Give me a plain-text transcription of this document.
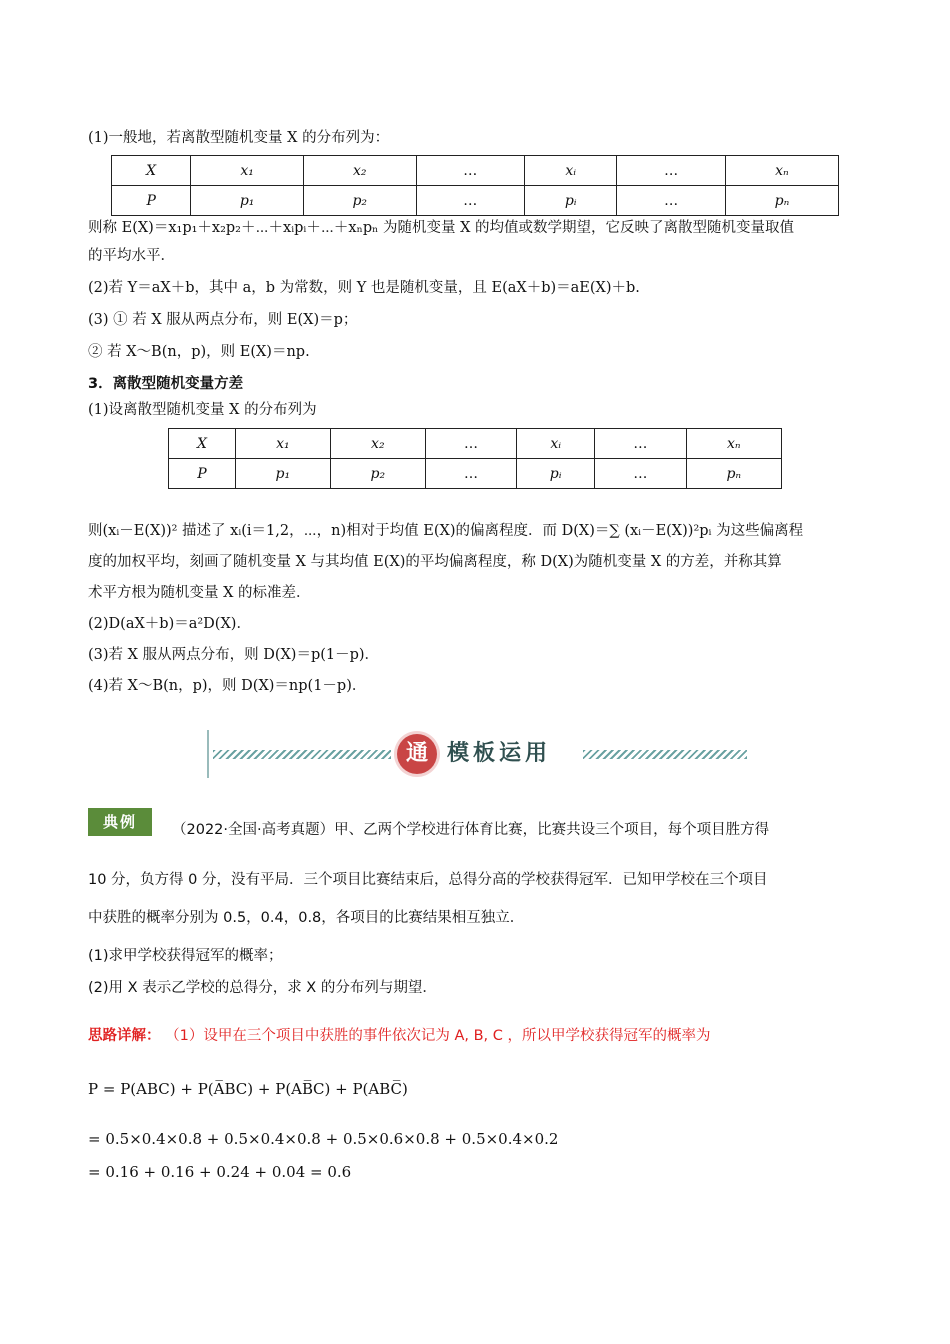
(1)一般地，若离散型随机变量 X 的分布列为：
X	x₁	x₂	…	xᵢ	…	xₙ
P	p₁	p₂	…	pᵢ	…	pₙ
则称 E(X)＝x₁p₁＋x₂p₂＋⋯＋xᵢpᵢ＋⋯＋xₙpₙ 为随机变量 X 的均值或数学期望，它反映了离散型随机变量取值
的平均水平．
(2)若 Y＝aX＋b，其中 a，b 为常数，则 Y 也是随机变量，且 E(aX＋b)＝aE(X)＋b.
(3) ① 若 X 服从两点分布，则 E(X)＝p；
② 若 X～B(n，p)，则 E(X)＝np.
3．离散型随机变量方差
(1)设离散型随机变量 X 的分布列为
X	x₁	x₂	…	xᵢ	…	xₙ
P	p₁	p₂	…	pᵢ	…	pₙ
则(xᵢ－E(X))² 描述了 xᵢ(i＝1,2，⋯，n)相对于均值 E(X)的偏离程度．而 D(X)＝∑ (xᵢ－E(X))²pᵢ 为这些偏离程
度的加权平均，刻画了随机变量 X 与其均值 E(X)的平均偏离程度，称 D(X)为随机变量 X 的方差，并称其算
术平方根为随机变量 X 的标准差．
(2)D(aX＋b)＝a²D(X)．
(3)若 X 服从两点分布，则 D(X)＝p(1－p)．
(4)若 X～B(n，p)，则 D(X)＝np(1－p)．
通 模板运用
典例	（2022·全国·高考真题）甲、乙两个学校进行体育比赛，比赛共设三个项目，每个项目胜方得
10 分，负方得 0 分，没有平局．三个项目比赛结束后，总得分高的学校获得冠军．已知甲学校在三个项目
中获胜的概率分别为 0.5，0.4，0.8，各项目的比赛结果相互独立．
(1)求甲学校获得冠军的概率；
(2)用 X 表示乙学校的总得分，求 X 的分布列与期望．
思路详解： （1）设甲在三个项目中获胜的事件依次记为 A, B, C ，所以甲学校获得冠军的概率为
P = P(ABC) + P(A̅BC) + P(AB̅C) + P(ABC̅)
= 0.5×0.4×0.8 + 0.5×0.4×0.8 + 0.5×0.6×0.8 + 0.5×0.4×0.2
= 0.16 + 0.16 + 0.24 + 0.04 = 0.6
